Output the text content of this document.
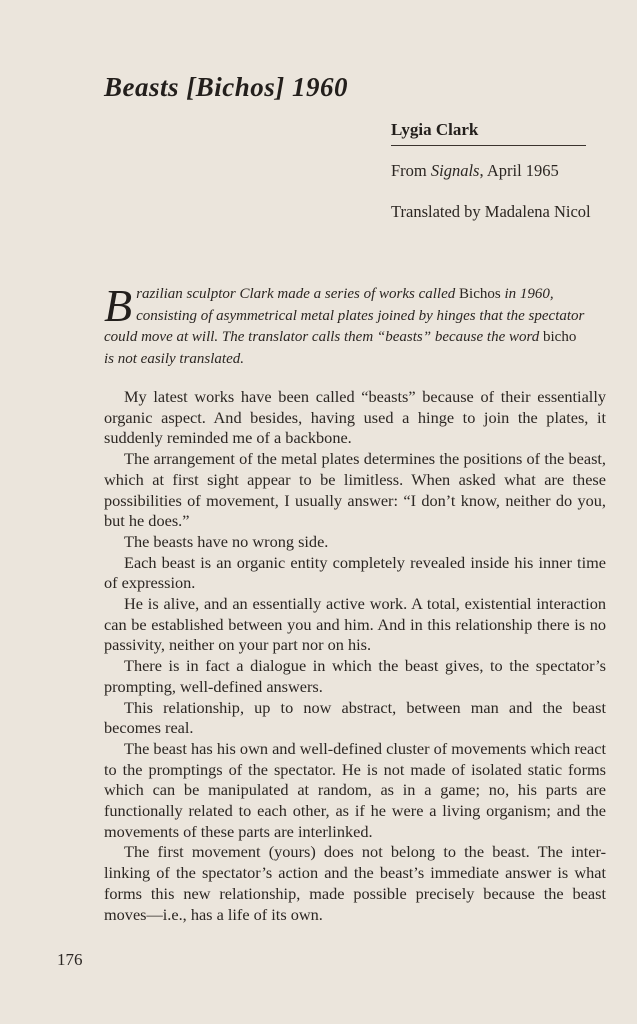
Beasts [Bichos] 1960
Lygia Clark
From Signals, April 1965
Translated by Madalena Nicol

Brazilian sculptor Clark made a series of works called Bichos in 1960, consisting of asymmetrical metal plates joined by hinges that the spectator could move at will. The translator calls them “beasts” because the word bicho is not easily translated.

My latest works have been called “beasts” because of their essentially organic aspect. And besides, having used a hinge to join the plates, it suddenly reminded me of a backbone.

The arrangement of the metal plates determines the positions of the beast, which at first sight appear to be limitless. When asked what are these possibilities of movement, I usually answer: “I don’t know, neither do you, but he does.”

The beasts have no wrong side.

Each beast is an organic entity completely revealed inside his inner time of expression.

He is alive, and an essentially active work. A total, existential interaction can be established between you and him. And in this relationship there is no passivity, neither on your part nor on his.

There is in fact a dialogue in which the beast gives, to the spectator’s prompting, well-defined answers.

This relationship, up to now abstract, between man and the beast becomes real.

The beast has his own and well-defined cluster of movements which react to the promptings of the spectator. He is not made of isolated static forms which can be manipulated at random, as in a game; no, his parts are functionally related to each other, as if he were a living organism; and the movements of these parts are interlinked.

The first movement (yours) does not belong to the beast. The inter-linking of the spectator’s action and the beast’s immediate answer is what forms this new relationship, made possible precisely because the beast moves—i.e., has a life of its own.

176
